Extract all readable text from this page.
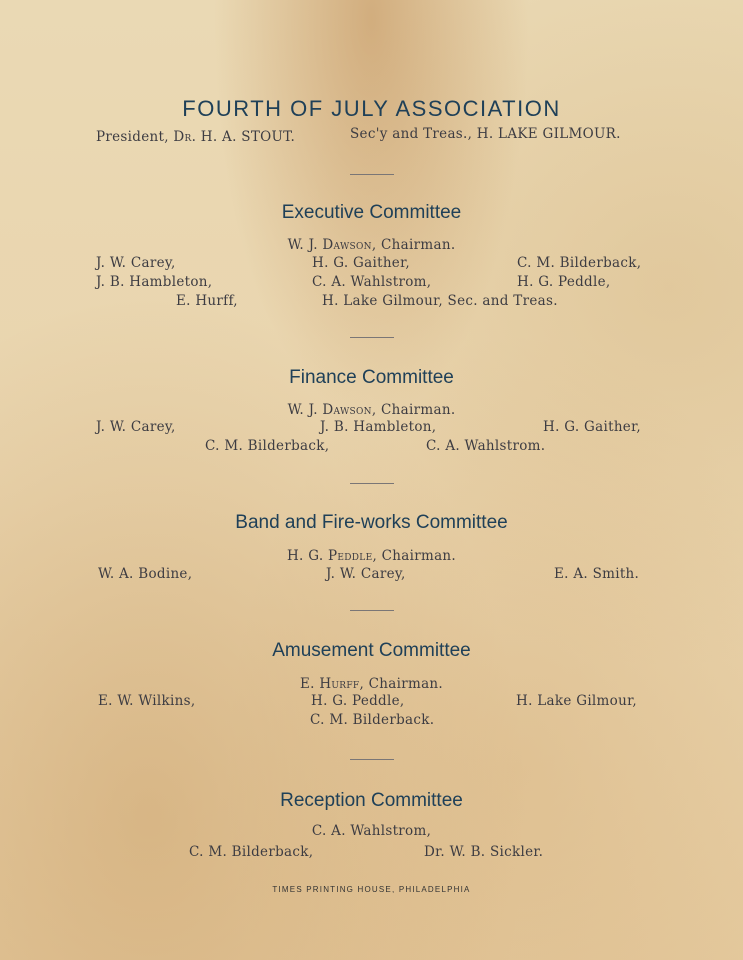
FOURTH OF JULY ASSOCIATION
President, Dr. H. A. STOUT.	Sec'y and Treas., H. LAKE GILMOUR.
Executive Committee
W. J. Dawson, Chairman.
J. W. Carey,	H. G. Gaither,	C. M. Bilderback,
J. B. Hambleton,	C. A. Wahlstrom,	H. G. Peddle,
E. Hurff,	H. Lake Gilmour, Sec. and Treas.
Finance Committee
W. J. Dawson, Chairman.
J. W. Carey,	J. B. Hambleton,	H. G. Gaither,
C. M. Bilderback,	C. A. Wahlstrom.
Band and Fire-works Committee
H. G. Peddle, Chairman.
W. A. Bodine,	J. W. Carey,	E. A. Smith.
Amusement Committee
E. Hurff, Chairman.
E. W. Wilkins,	H. G. Peddle,	H. Lake Gilmour,
C. M. Bilderback.
Reception Committee
C. A. Wahlstrom,
C. M. Bilderback,	Dr. W. B. Sickler.
TIMES PRINTING HOUSE, PHILADELPHIA
